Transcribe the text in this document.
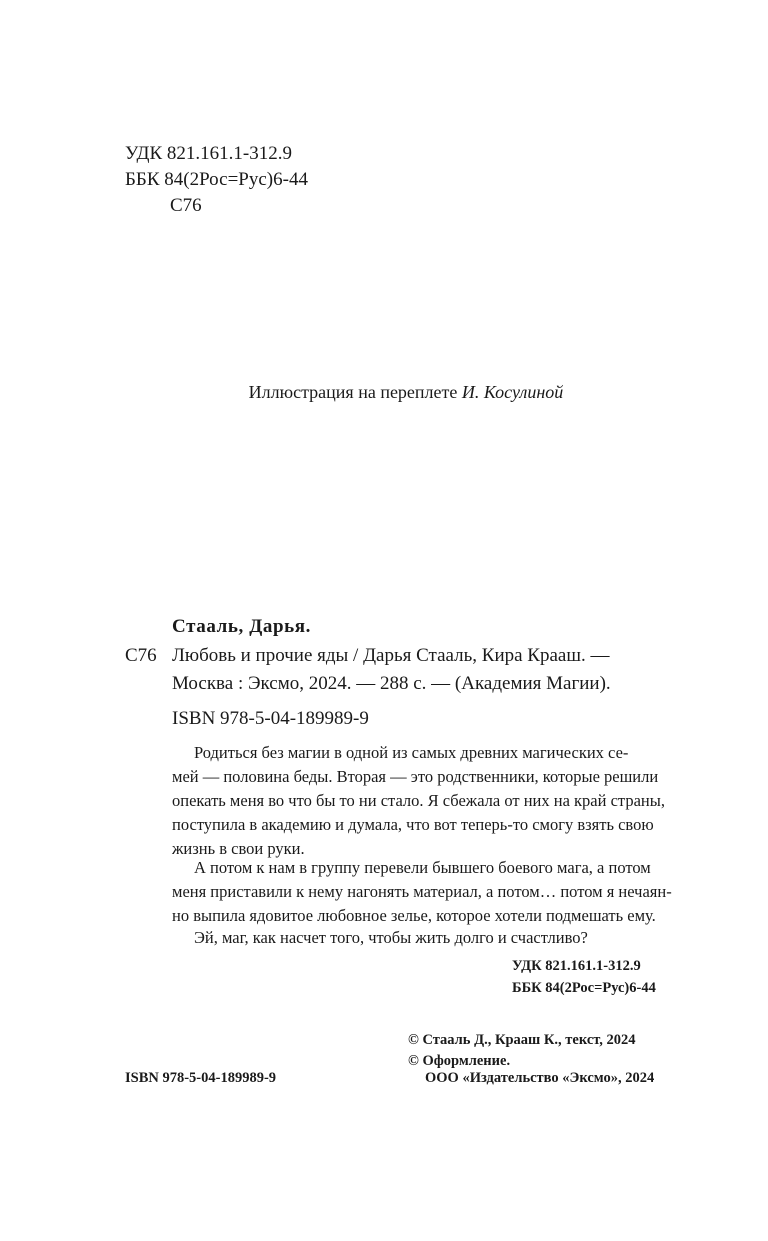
УДК 821.161.1-312.9
ББК 84(2Рос=Рус)6-44
С76
Иллюстрация на переплете И. Косулиной
Стааль, Дарья.
С76 Любовь и прочие яды / Дарья Стааль, Кира Крааш. —
Москва : Эксмо, 2024. — 288 с. — (Академия Магии).
ISBN 978-5-04-189989-9
Родиться без магии в одной из самых древних магических се-
мей — половина беды. Вторая — это родственники, которые решили
опекать меня во что бы то ни стало. Я сбежала от них на край страны,
поступила в академию и думала, что вот теперь-то смогу взять свою
жизнь в свои руки.
А потом к нам в группу перевели бывшего боевого мага, а потом
меня приставили к нему нагонять материал, а потом… потом я нечаян-
но выпила ядовитое любовное зелье, которое хотели подмешать ему.
Эй, маг, как насчет того, чтобы жить долго и счастливо?
УДК 821.161.1-312.9
ББК 84(2Рос=Рус)6-44
© Стааль Д., Крааш К., текст, 2024
© Оформление.
ООО «Издательство «Эксмо», 2024
ISBN 978-5-04-189989-9
